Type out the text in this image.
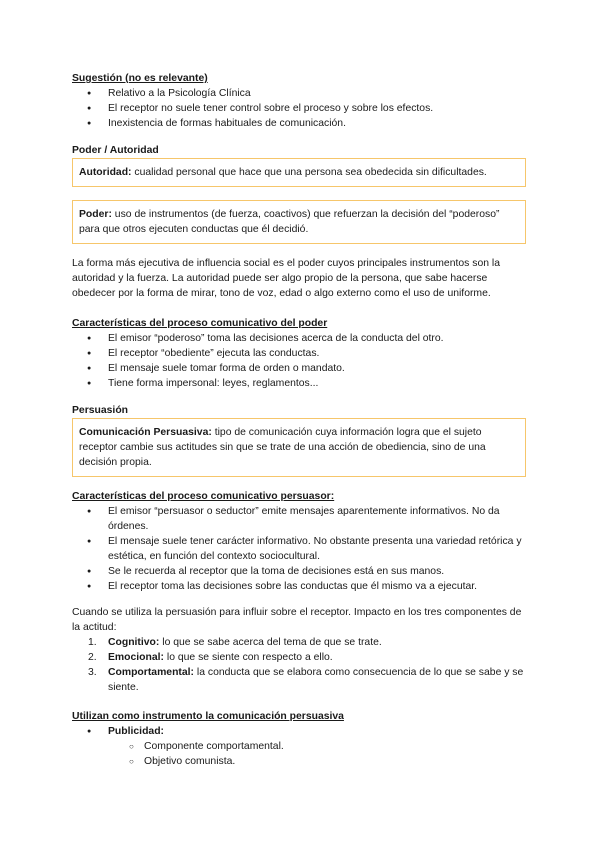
Sugestión (no es relevante)
● Relativo a la Psicología Clínica
● El receptor no suele tener control sobre el proceso y sobre los efectos.
● Inexistencia de formas habituales de comunicación.
Poder / Autoridad
Autoridad: cualidad personal que hace que una persona sea obedecida sin dificultades.
Poder: uso de instrumentos (de fuerza, coactivos) que refuerzan la decisión del “poderoso” para que otros ejecuten conductas que él decidió.

La forma más ejecutiva de influencia social es el poder cuyos principales instrumentos son la autoridad y la fuerza. La autoridad puede ser algo propio de la persona, que sabe hacerse obedecer por la forma de mirar, tono de voz, edad o algo externo como el uso de uniforme.

Características del proceso comunicativo del poder
● El emisor “poderoso” toma las decisiones acerca de la conducta del otro.
● El receptor “obediente” ejecuta las conductas.
● El mensaje suele tomar forma de orden o mandato.
● Tiene forma impersonal: leyes, reglamentos...
Persuasión
Comunicación Persuasiva: tipo de comunicación cuya información logra que el sujeto receptor cambie sus actitudes sin que se trate de una acción de obediencia, sino de una decisión propia.
Características del proceso comunicativo persuasor:
● El emisor “persuasor o seductor” emite mensajes aparentemente informativos. No da órdenes.
● El mensaje suele tener carácter informativo. No obstante presenta una variedad retórica y estética, en función del contexto sociocultural.
● Se le recuerda al receptor que la toma de decisiones está en sus manos.
● El receptor toma las decisiones sobre las conductas que él mismo va a ejecutar.

Cuando se utiliza la persuasión para influir sobre el receptor. Impacto en los tres componentes de la actitud:

1. Cognitivo: lo que se sabe acerca del tema de que se trate.
2. Emocional: lo que se siente con respecto a ello.
3. Comportamental: la conducta que se elabora como consecuencia de lo que se sabe y se siente.
Utilizan como instrumento la comunicación persuasiva
● Publicidad:
○ Componente comportamental.
○ Objetivo comunista.
